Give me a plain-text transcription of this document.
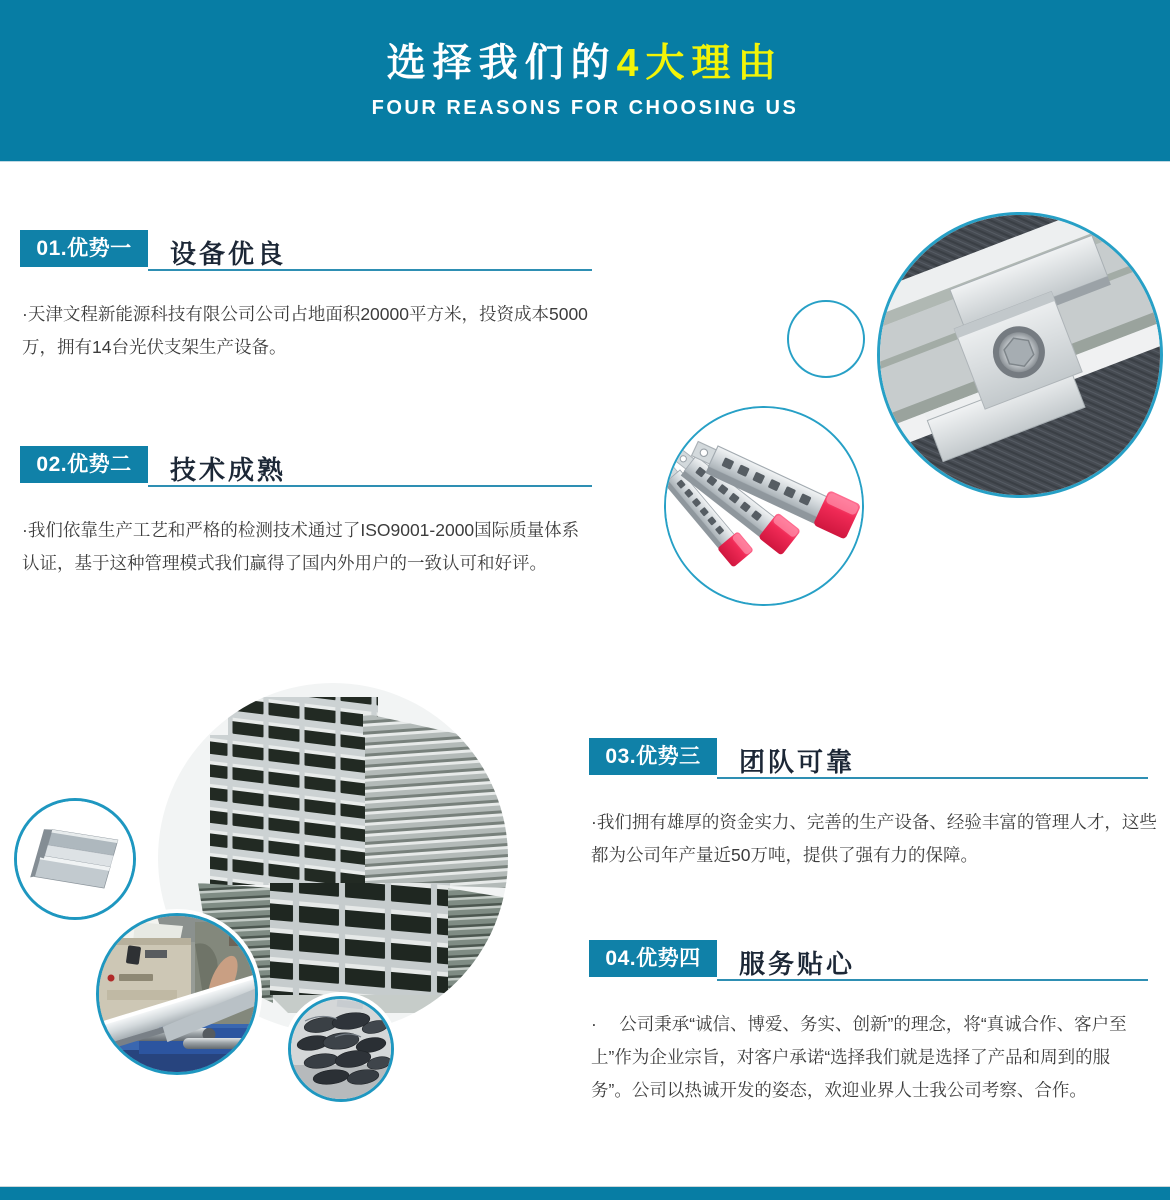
选择我们的4大理由
FOUR REASONS FOR CHOOSING US
01.优势一	设备优良
·天津文程新能源科技有限公司公司占地面积20000平方米，投资成本5000
万，拥有14台光伏支架生产设备。
02.优势二	技术成熟
·我们依靠生产工艺和严格的检测技术通过了ISO9001-2000国际质量体系
认证，基于这种管理模式我们赢得了国内外用户的一致认可和好评。
03.优势三	团队可靠
·我们拥有雄厚的资金实力、完善的生产设备、经验丰富的管理人才，这些
都为公司年产量近50万吨，提供了强有力的保障。
04.优势四	服务贴心
·　 公司秉承“诚信、博爱、务实、创新”的理念，将“真诚合作、客户至
上”作为企业宗旨，对客户承诺“选择我们就是选择了产品和周到的服
务”。公司以热诚开发的姿态，欢迎业界人士我公司考察、合作。
